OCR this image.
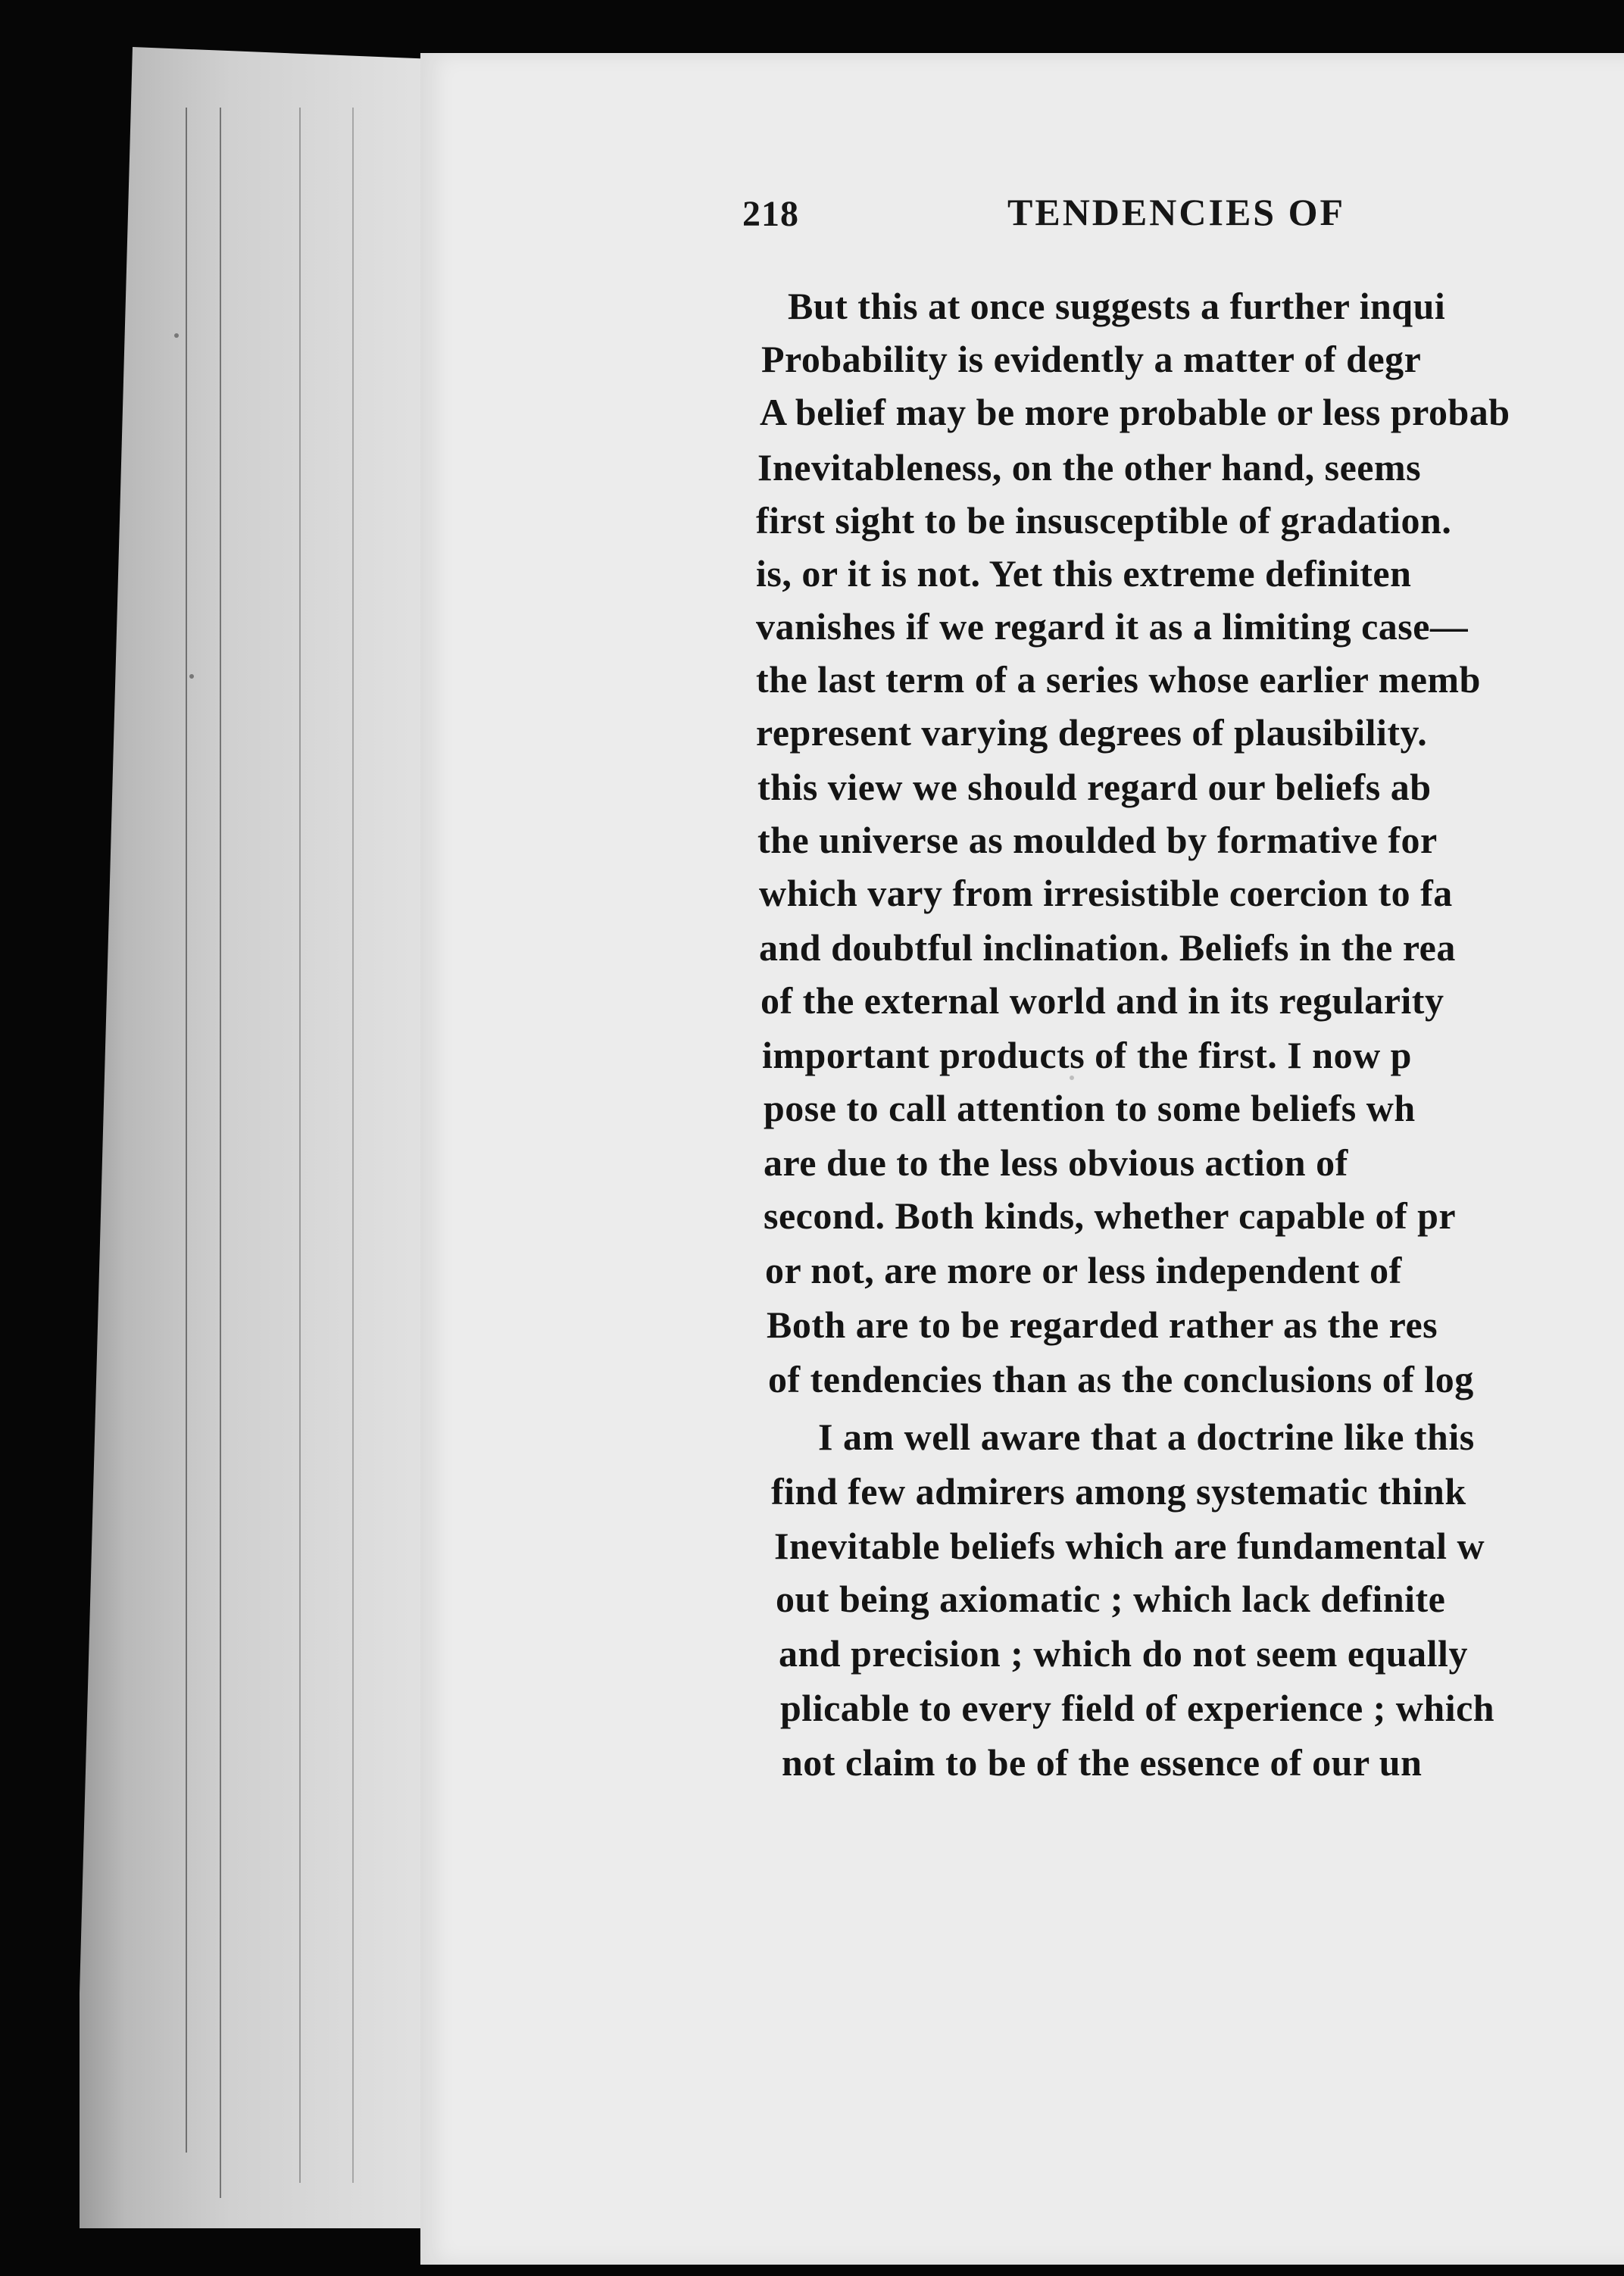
218	TENDENCIES OF
But this at once suggests a further inqui
Probability is evidently a matter of degr
A belief may be more probable or less probab
Inevitableness, on the other hand, seems
first sight to be insusceptible of gradation.
is, or it is not. Yet this extreme definiten
vanishes if we regard it as a limiting case—
the last term of a series whose earlier memb
represent varying degrees of plausibility.
this view we should regard our beliefs ab
the universe as moulded by formative for
which vary from irresistible coercion to fa
and doubtful inclination. Beliefs in the rea
of the external world and in its regularity
important products of the first. I now p
pose to call attention to some beliefs wh
are due to the less obvious action of
second. Both kinds, whether capable of pr
or not, are more or less independent of
Both are to be regarded rather as the res
of tendencies than as the conclusions of log
I am well aware that a doctrine like this
find few admirers among systematic think
Inevitable beliefs which are fundamental w
out being axiomatic ; which lack definite
and precision ; which do not seem equally
plicable to every field of experience ; which
not claim to be of the essence of our un
